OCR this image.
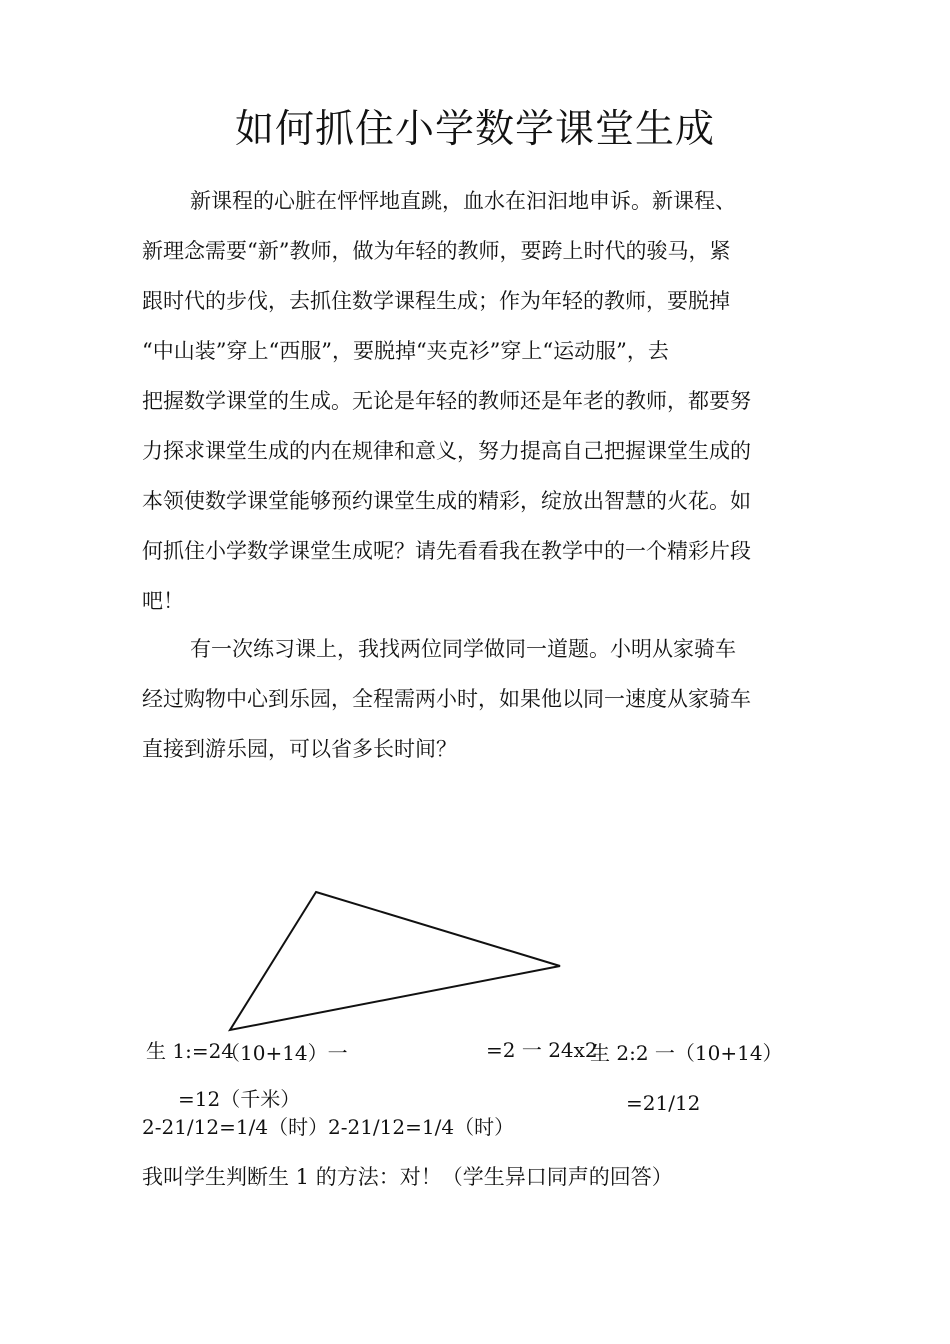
如何抓住小学数学课堂生成
新课程的心脏在怦怦地直跳，血水在汩汩地申诉。新课程、
新理念需要“新”教师，做为年轻的教师，要跨上时代的骏马，紧
跟时代的步伐，去抓住数学课程生成；作为年轻的教师，要脱掉
“中山装”穿上“西服”，要脱掉“夹克衫”穿上“运动服”，去
把握数学课堂的生成。无论是年轻的教师还是年老的教师，都要努
力探求课堂生成的内在规律和意义，努力提高自己把握课堂生成的
本领使数学课堂能够预约课堂生成的精彩，绽放出智慧的火花。如
何抓住小学数学课堂生成呢？请先看看我在教学中的一个精彩片段
吧！
有一次练习课上，我找两位同学做同一道题。小明从家骑车
经过购物中心到乐园，全程需两小时，如果他以同一速度从家骑车
直接到游乐园，可以省多长时间？
生 1:=24
（10+14）一	=2 一 24x2
生 2:2 一（10+14）
=12（千米）	=21/12
2-21/12=1/4（时） 2-21/12=1/4（时）
我叫学生判断生 1 的方法：对！（学生异口同声的回答）
